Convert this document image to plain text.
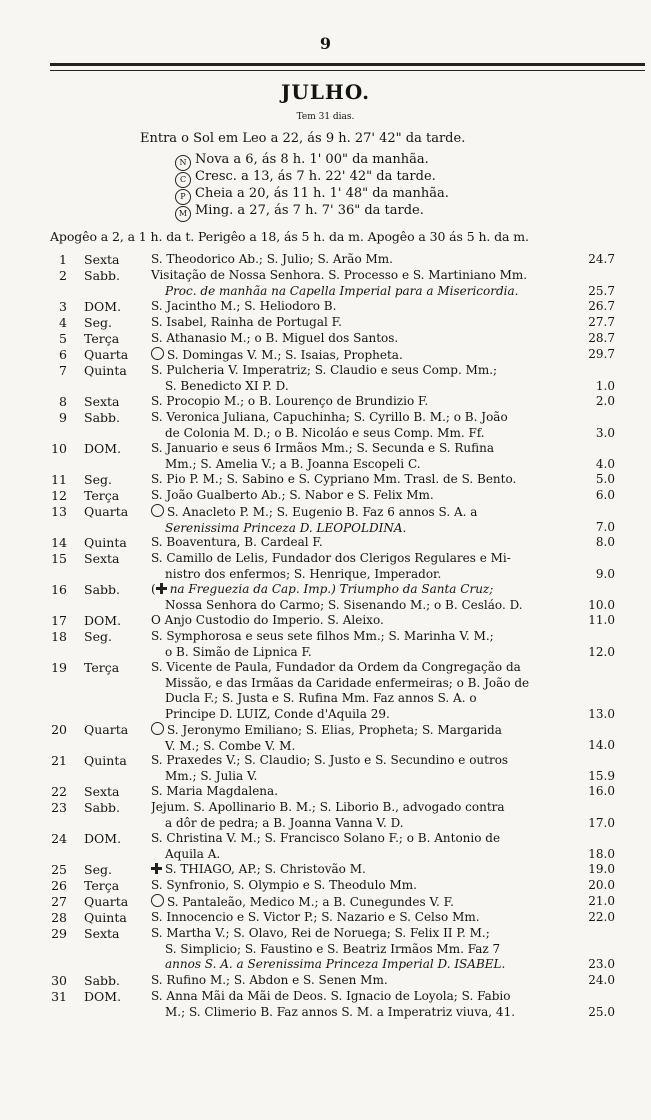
9
JULHO.
Tem 31 dias.
Entra o Sol em Leo a 22, ás 9 h. 27' 42" da tarde.
N Nova a 6, ás 8 h. 1' 00" da manhãa.
C Cresc. a 13, ás 7 h. 22' 42" da tarde.
P Cheia a 20, ás 11 h. 1' 48" da manhãa.
M Ming. a 27, ás 7 h. 7' 36" da tarde.
Apogêo a 2, a 1 h. da t. Perigêo a 18, ás 5 h. da m. Apogêo a 30 ás 5 h. da m.
1 Sexta	S. Theodorico Ab.; S. Julio; S. Arão Mm.	24.7
2 Sabb.	Visitação de Nossa Senhora. S. Processo e S. Martiniano Mm.
Proc. de manhãa na Capella Imperial para a Misericordia.	25.7
3 DOM. S. Jacintho M.; S. Heliodoro B.	26.7
4 Seg.	S. Isabel, Rainha de Portugal F.	27.7
5 Terça	S. Athanasio M.; o B. Miguel dos Santos.	28.7
6 Quarta	S. Domingas V. M.; S. Isaias, Propheta.	29.7
7 Quinta S. Pulcheria V. Imperatriz; S. Claudio e seus Comp. Mm.;
S. Benedicto XI P. D.	1.0
8 Sexta	S. Procopio M.; o B. Lourenço de Brundizio F.	2.0
9 Sabb.	S. Veronica Juliana, Capuchinha; S. Cyrillo B. M.; o B. João
de Colonia M. D.; o B. Nicoláo e seus Comp. Mm. Ff.	3.0
10 DOM. S. Januario e seus 6 Irmãos Mm.; S. Secunda e S. Rufina
Mm.; S. Amelia V.; a B. Joanna Escopeli C.	4.0
11 Seg.	S. Pio P. M.; S. Sabino e S. Cypriano Mm. Trasl. de S. Bento.	5.0
12 Terça	S. João Gualberto Ab.; S. Nabor e S. Felix Mm.	6.0
13 Quarta	S. Anacleto P. M.; S. Eugenio B. Faz 6 annos S. A. a
Serenissima Princeza D. LEOPOLDINA.	7.0
14 Quinta S. Boaventura, B. Cardeal F.	8.0
15 Sexta	S. Camillo de Lelis, Fundador dos Clerigos Regulares e Mi-
nistro dos enfermos; S. Henrique, Imperador.	9.0
16 Sabb.	( na Freguezia da Cap. Imp.) Triumpho da Santa Cruz;
Nossa Senhora do Carmo; S. Sisenando M.; o B. Cesláo. D.	10.0
17 DOM. O Anjo Custodio do Imperio. S. Aleixo.	11.0
18 Seg.	S. Symphorosa e seus sete filhos Mm.; S. Marinha V. M.;
o B. Simão de Lipnica F.	12.0
19 Terça	S. Vicente de Paula, Fundador da Ordem da Congregação da
Missão, e das Irmãas da Caridade enfermeiras; o B. João de
Ducla F.; S. Justa e S. Rufina Mm. Faz annos S. A. o
Principe D. LUIZ, Conde d'Aquila 29.	13.0
20 Quarta	S. Jeronymo Emiliano; S. Elias, Propheta; S. Margarida
V. M.; S. Combe V. M.	14.0
21 Quinta S. Praxedes V.; S. Claudio; S. Justo e S. Secundino e outros
Mm.; S. Julia V.	15.9
22 Sexta	S. Maria Magdalena.	16.0
23 Sabb.	Jejum. S. Apollinario B. M.; S. Liborio B., advogado contra
a dôr de pedra; a B. Joanna Vanna V. D.	17.0
24 DOM. S. Christina V. M.; S. Francisco Solano F.; o B. Antonio de
Aquila A.	18.0
25 Seg.	S. THIAGO, AP.; S. Christovão M.	19.0
26 Terça	S. Synfronio, S. Olympio e S. Theodulo Mm.	20.0
27 Quarta	S. Pantaleão, Medico M.; a B. Cunegundes V. F.	21.0
28 Quinta S. Innocencio e S. Victor P.; S. Nazario e S. Celso Mm.	22.0
29 Sexta	S. Martha V.; S. Olavo, Rei de Noruega; S. Felix II P. M.;
S. Simplicio; S. Faustino e S. Beatriz Irmãos Mm. Faz 7
annos S. A. a Serenissima Princeza Imperial D. ISABEL.	23.0
30 Sabb.	S. Rufino M.; S. Abdon e S. Senen Mm.	24.0
31 DOM. S. Anna Mãi da Mãi de Deos. S. Ignacio de Loyola; S. Fabio
M.; S. Climerio B. Faz annos S. M. a Imperatriz viuva, 41.	25.0
